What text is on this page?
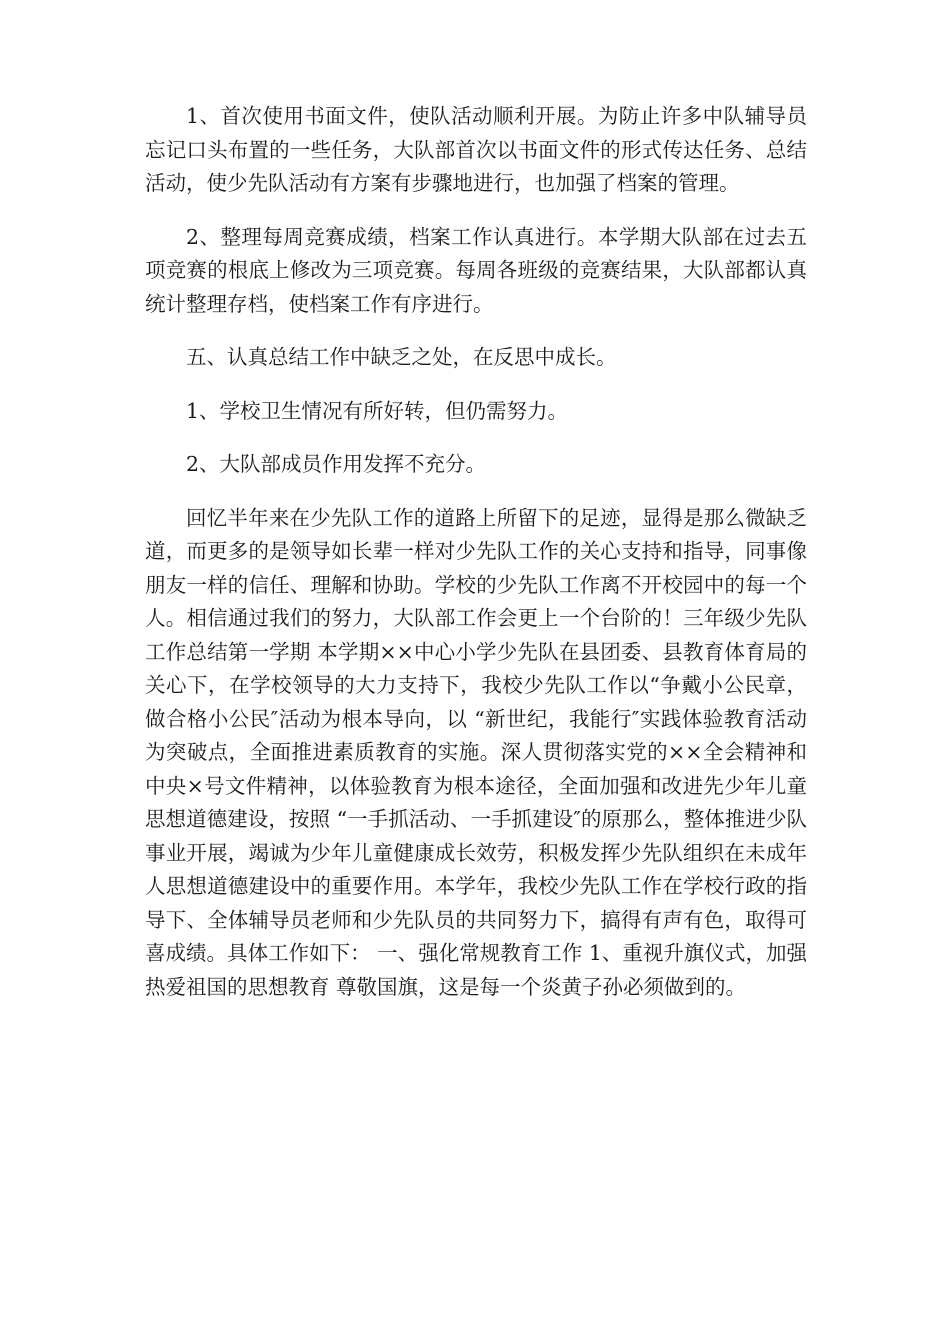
1、首次使用书面文件，使队活动顺利开展。为防止许多中队辅导员忘记口头布置的一些任务，大队部首次以书面文件的形式传达任务、总结活动，使少先队活动有方案有步骤地进行，也加强了档案的管理。

2、整理每周竞赛成绩，档案工作认真进行。本学期大队部在过去五项竞赛的根底上修改为三项竞赛。每周各班级的竞赛结果，大队部都认真统计整理存档，使档案工作有序进行。

五、认真总结工作中缺乏之处，在反思中成长。

1、学校卫生情况有所好转，但仍需努力。

2、大队部成员作用发挥不充分。

回忆半年来在少先队工作的道路上所留下的足迹，显得是那么微缺乏道，而更多的是领导如长辈一样对少先队工作的关心支持和指导，同事像朋友一样的信任、理解和协助。学校的少先队工作离不开校园中的每一个人。相信通过我们的努力，大队部工作会更上一个台阶的！三年级少先队工作总结第一学期 本学期××中心小学少先队在县团委、县教育体育局的关心下，在学校领导的大力支持下，我校少先队工作以“争戴小公民章，做合格小公民″活动为根本导向，以 “新世纪，我能行″实践体验教育活动为突破点，全面推进素质教育的实施。深人贯彻落实党的××全会精神和中央×号文件精神，以体验教育为根本途径，全面加强和改进先少年儿童思想道德建设，按照 “一手抓活动、一手抓建设″的原那么，整体推进少队事业开展，竭诚为少年儿童健康成长效劳，积极发挥少先队组织在未成年人思想道德建设中的重要作用。本学年，我校少先队工作在学校行政的指导下、全体辅导员老师和少先队员的共同努力下，搞得有声有色，取得可喜成绩。具体工作如下： 一、强化常规教育工作 1、重视升旗仪式，加强热爱祖国的思想教育 尊敬国旗，这是每一个炎黄子孙必须做到的。
